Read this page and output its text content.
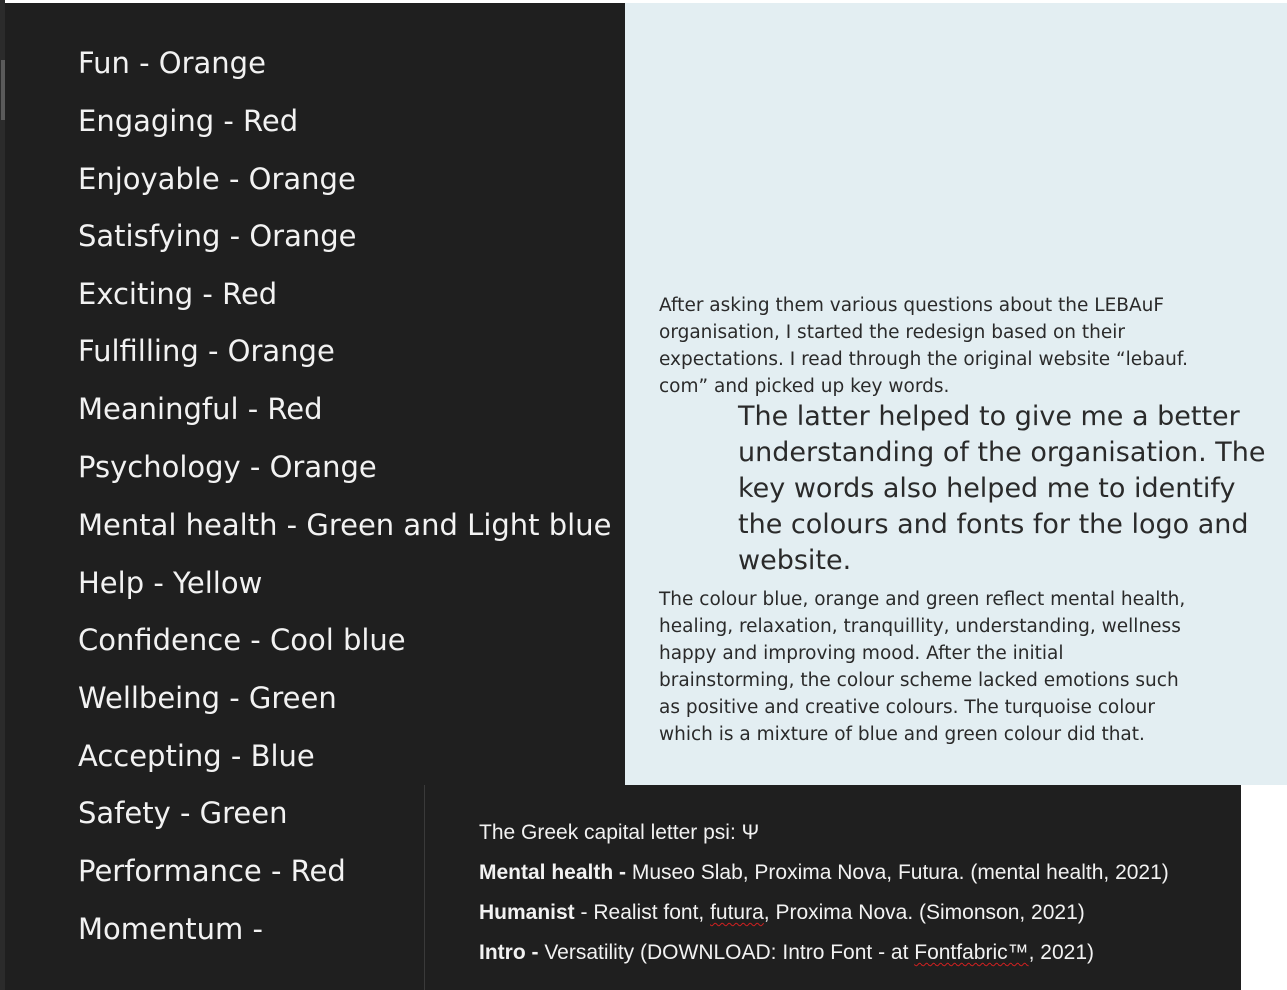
Fun - Orange
Engaging - Red
Enjoyable - Orange
Satisfying - Orange
Exciting - Red
Fulfilling - Orange
Meaningful - Red
Psychology - Orange
Mental health - Green and Light blue
Help - Yellow
Confidence - Cool blue
Wellbeing - Green
Accepting - Blue
Safety - Green
Performance - Red
Momentum -
After asking them various questions about the LEBAuF organisation, I started the redesign based on their expectations. I read through the original website “lebauf. com” and picked up key words.
The latter helped to give me a better understanding of the organisation. The key words also helped me to identify the colours and fonts for the logo and website.
The colour blue, orange and green reflect mental health, healing, relaxation, tranquillity, understanding, wellness happy and improving mood. After the initial brainstorming, the colour scheme lacked emotions such as positive and creative colours. The turquoise colour which is a mixture of blue and green colour did that.
The Greek capital letter psi: Ψ
Mental health - Museo Slab, Proxima Nova, Futura. (mental health, 2021)
Humanist - Realist font, futura, Proxima Nova. (Simonson, 2021)
Intro - Versatility (DOWNLOAD: Intro Font - at Fontfabric™, 2021)
